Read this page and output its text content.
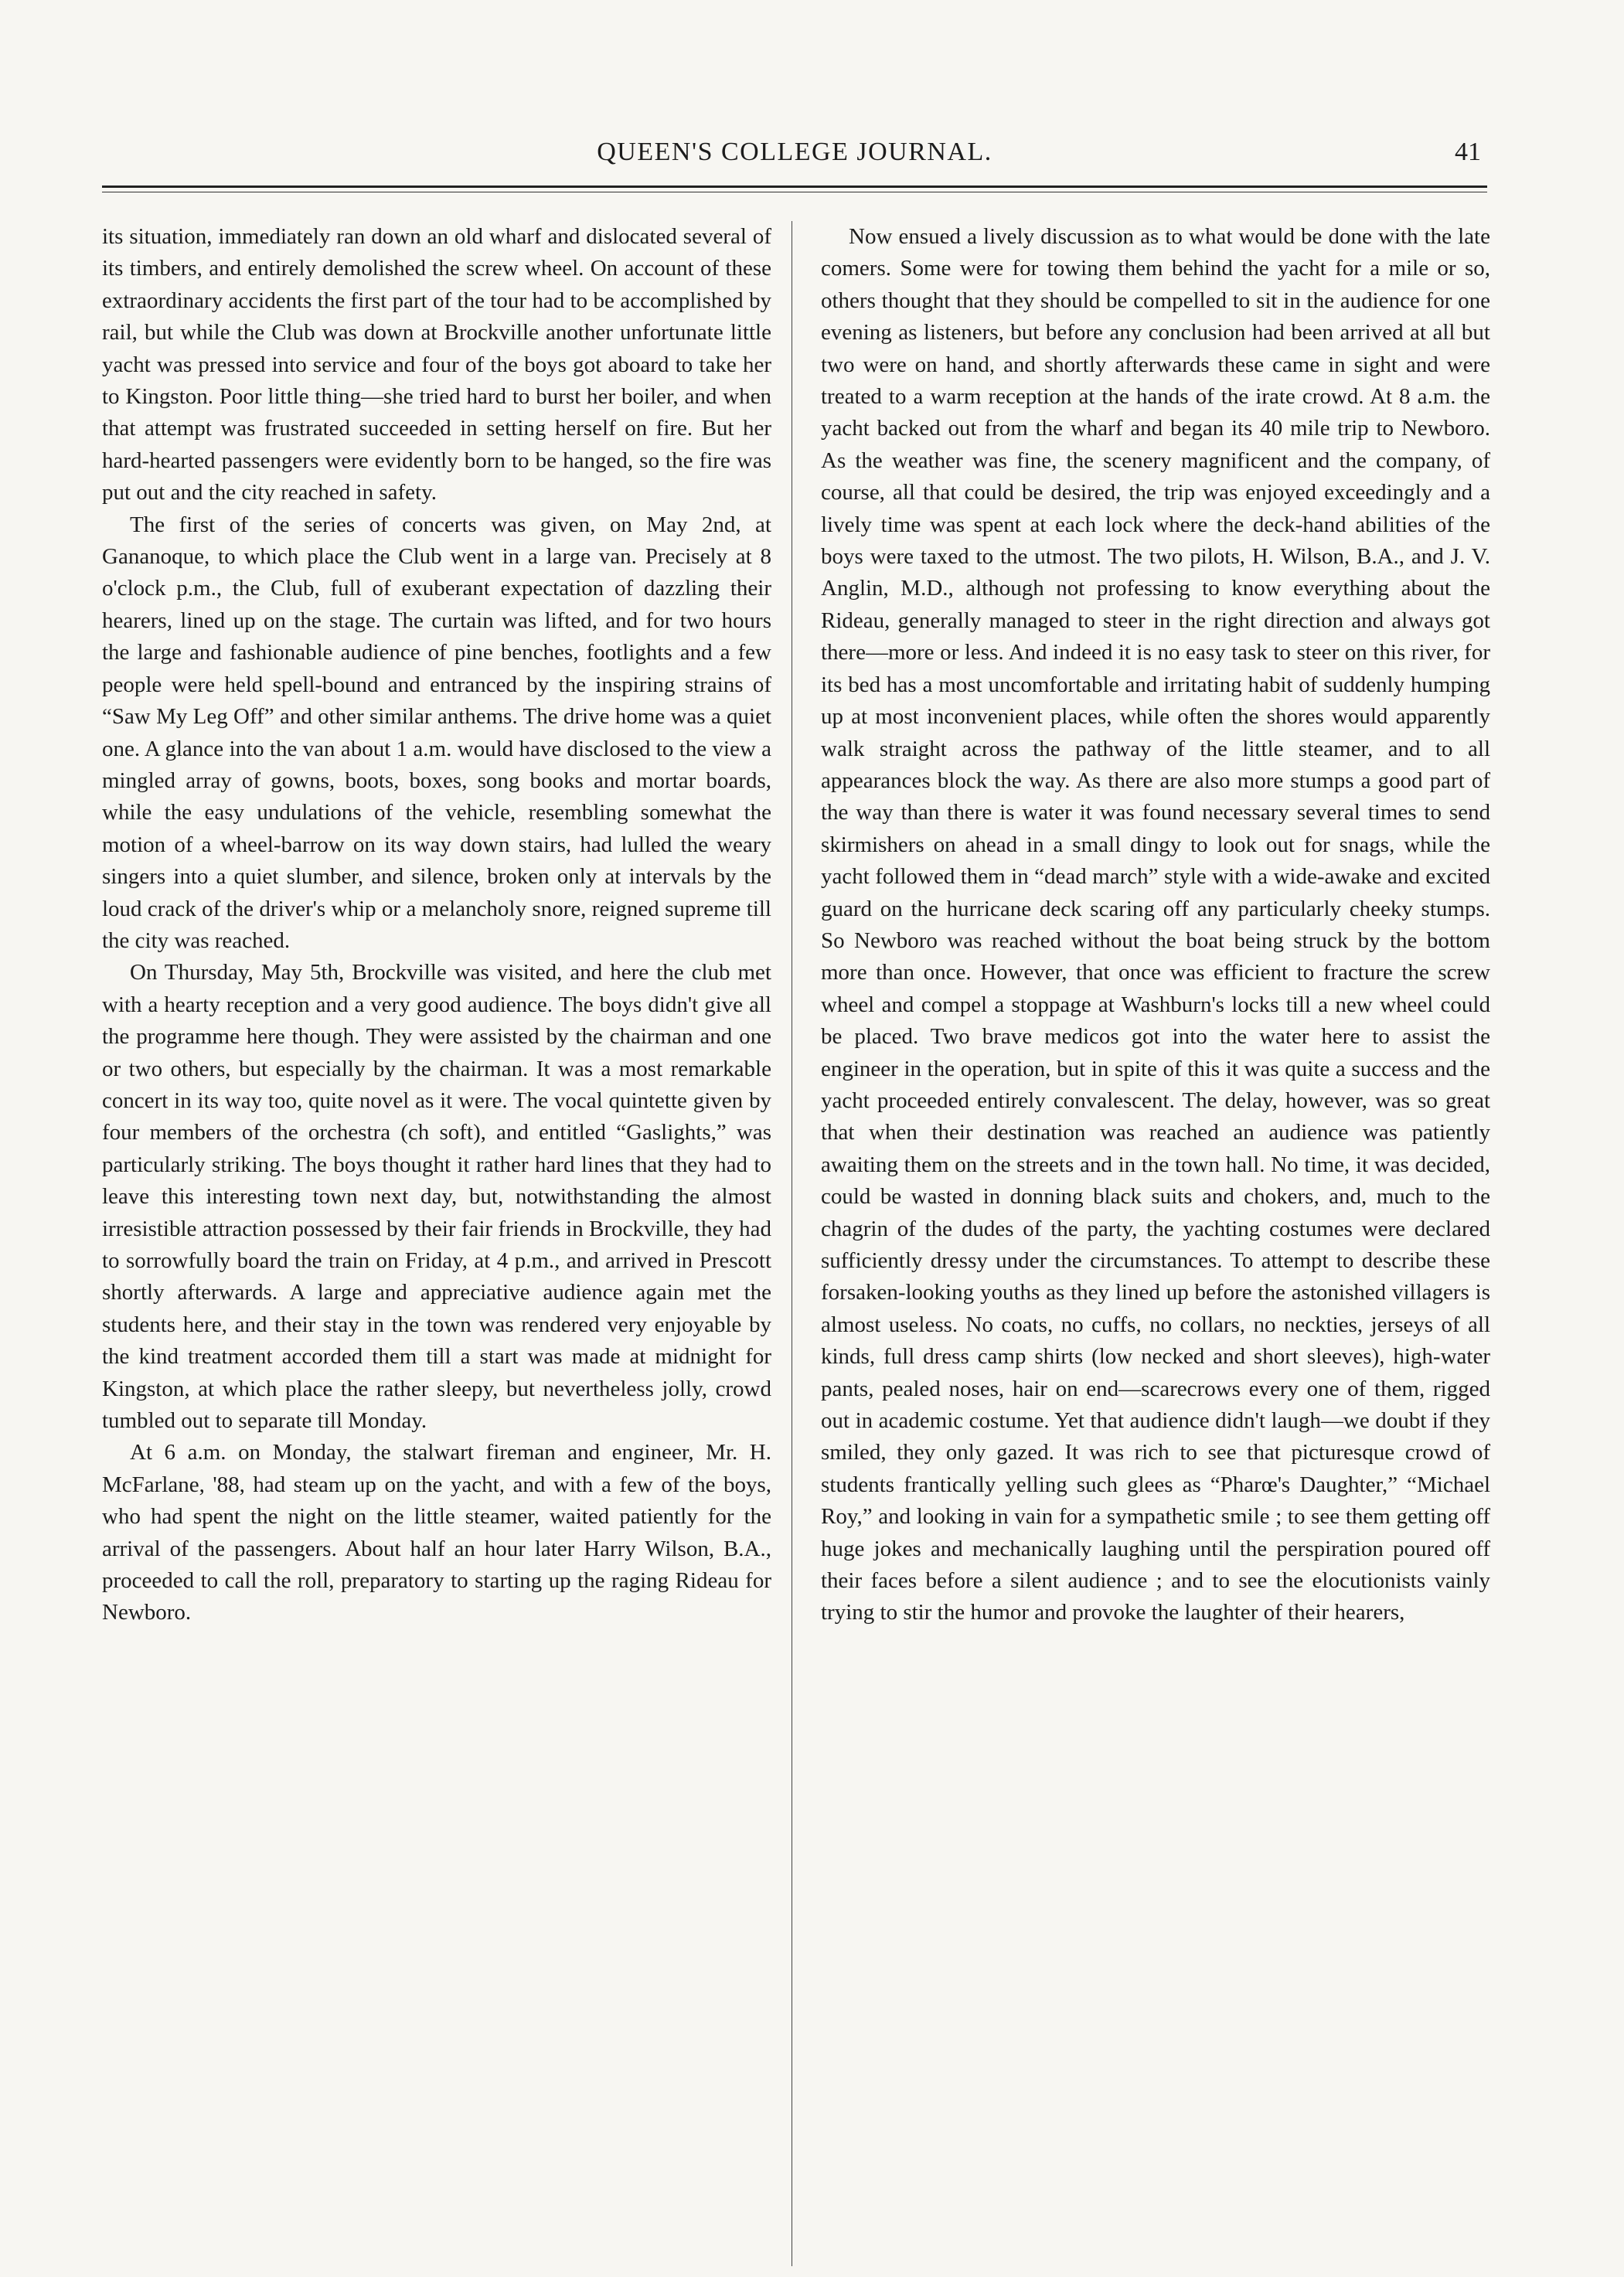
QUEEN'S COLLEGE JOURNAL.	41

its situation, immediately ran down an old wharf and dislocated several of its timbers, and entirely demolished the screw wheel. On account of these extraordinary accidents the first part of the tour had to be accomplished by rail, but while the Club was down at Brockville another unfortunate little yacht was pressed into service and four of the boys got aboard to take her to Kingston. Poor little thing—she tried hard to burst her boiler, and when that attempt was frustrated succeeded in setting herself on fire. But her hard-hearted passengers were evidently born to be hanged, so the fire was put out and the city reached in safety.

The first of the series of concerts was given, on May 2nd, at Gananoque, to which place the Club went in a large van. Precisely at 8 o'clock p.m., the Club, full of exuberant expectation of dazzling their hearers, lined up on the stage. The curtain was lifted, and for two hours the large and fashionable audience of pine benches, footlights and a few people were held spell-bound and entranced by the inspiring strains of “Saw My Leg Off” and other similar anthems. The drive home was a quiet one. A glance into the van about 1 a.m. would have disclosed to the view a mingled array of gowns, boots, boxes, song books and mortar boards, while the easy undulations of the vehicle, resembling somewhat the motion of a wheel-barrow on its way down stairs, had lulled the weary singers into a quiet slumber, and silence, broken only at intervals by the loud crack of the driver's whip or a melancholy snore, reigned supreme till the city was reached.

On Thursday, May 5th, Brockville was visited, and here the club met with a hearty reception and a very good audience. The boys didn't give all the programme here though. They were assisted by the chairman and one or two others, but especially by the chairman. It was a most remarkable concert in its way too, quite novel as it were. The vocal quintette given by four members of the orchestra (ch soft), and entitled “Gaslights,” was particularly striking. The boys thought it rather hard lines that they had to leave this interesting town next day, but, notwithstanding the almost irresistible attraction possessed by their fair friends in Brockville, they had to sorrowfully board the train on Friday, at 4 p.m., and arrived in Prescott shortly afterwards. A large and appreciative audience again met the students here, and their stay in the town was rendered very enjoyable by the kind treatment accorded them till a start was made at midnight for Kingston, at which place the rather sleepy, but nevertheless jolly, crowd tumbled out to separate till Monday.

At 6 a.m. on Monday, the stalwart fireman and engineer, Mr. H. McFarlane, '88, had steam up on the yacht, and with a few of the boys, who had spent the night on the little steamer, waited patiently for the arrival of the passengers. About half an hour later Harry Wilson, B.A., proceeded to call the roll, preparatory to starting up the raging Rideau for Newboro.

Now ensued a lively discussion as to what would be done with the late comers. Some were for towing them behind the yacht for a mile or so, others thought that they should be compelled to sit in the audience for one evening as listeners, but before any conclusion had been arrived at all but two were on hand, and shortly afterwards these came in sight and were treated to a warm reception at the hands of the irate crowd. At 8 a.m. the yacht backed out from the wharf and began its 40 mile trip to Newboro. As the weather was fine, the scenery magnificent and the company, of course, all that could be desired, the trip was enjoyed exceedingly and a lively time was spent at each lock where the deck-hand abilities of the boys were taxed to the utmost. The two pilots, H. Wilson, B.A., and J. V. Anglin, M.D., although not professing to know everything about the Rideau, generally managed to steer in the right direction and always got there—more or less. And indeed it is no easy task to steer on this river, for its bed has a most uncomfortable and irritating habit of suddenly humping up at most inconvenient places, while often the shores would apparently walk straight across the pathway of the little steamer, and to all appearances block the way. As there are also more stumps a good part of the way than there is water it was found necessary several times to send skirmishers on ahead in a small dingy to look out for snags, while the yacht followed them in “dead march” style with a wide-awake and excited guard on the hurricane deck scaring off any particularly cheeky stumps. So Newboro was reached without the boat being struck by the bottom more than once. However, that once was efficient to fracture the screw wheel and compel a stoppage at Washburn's locks till a new wheel could be placed. Two brave medicos got into the water here to assist the engineer in the operation, but in spite of this it was quite a success and the yacht proceeded entirely convalescent. The delay, however, was so great that when their destination was reached an audience was patiently awaiting them on the streets and in the town hall. No time, it was decided, could be wasted in donning black suits and chokers, and, much to the chagrin of the dudes of the party, the yachting costumes were declared sufficiently dressy under the circumstances. To attempt to describe these forsaken-looking youths as they lined up before the astonished villagers is almost useless. No coats, no cuffs, no collars, no neckties, jerseys of all kinds, full dress camp shirts (low necked and short sleeves), high-water pants, pealed noses, hair on end—scarecrows every one of them, rigged out in academic costume. Yet that audience didn't laugh—we doubt if they smiled, they only gazed. It was rich to see that picturesque crowd of students frantically yelling such glees as “Pharœ's Daughter,” “Michael Roy,” and looking in vain for a sympathetic smile ; to see them getting off huge jokes and mechanically laughing until the perspiration poured off their faces before a silent audience ; and to see the elocutionists vainly trying to stir the humor and provoke the laughter of their hearers,
